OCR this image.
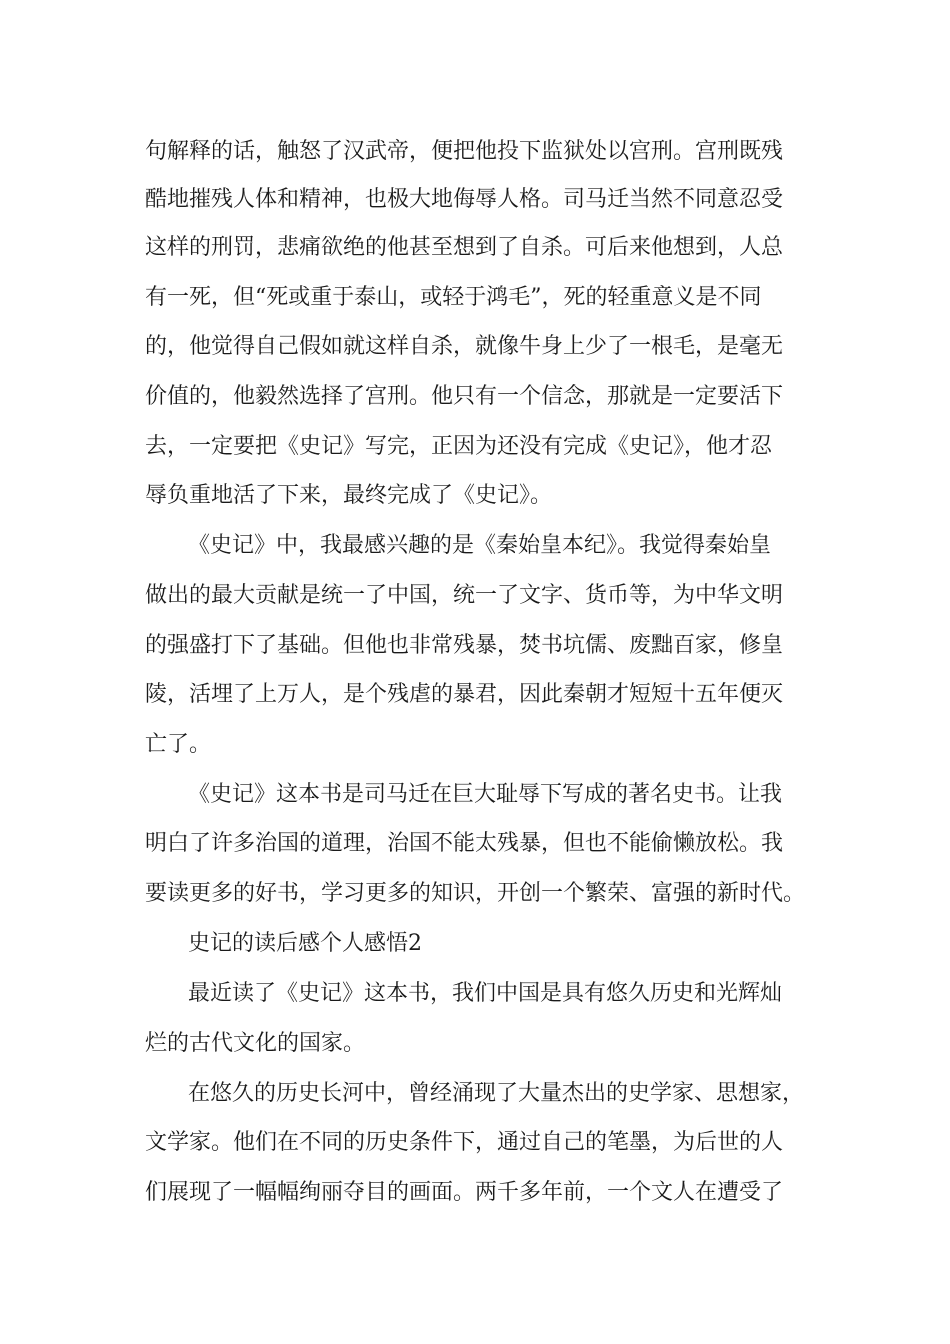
句解释的话，触怒了汉武帝，便把他投下监狱处以宫刑。宫刑既残
酷地摧残人体和精神，也极大地侮辱人格。司马迁当然不同意忍受
这样的刑罚，悲痛欲绝的他甚至想到了自杀。可后来他想到，人总
有一死，但“死或重于泰山，或轻于鸿毛”，死的轻重意义是不同
的，他觉得自己假如就这样自杀，就像牛身上少了一根毛，是毫无
价值的，他毅然选择了宫刑。他只有一个信念，那就是一定要活下
去，一定要把《史记》写完，正因为还没有完成《史记》，他才忍
辱负重地活了下来，最终完成了《史记》。
《史记》中，我最感兴趣的是《秦始皇本纪》。我觉得秦始皇
做出的最大贡献是统一了中国，统一了文字、货币等，为中华文明
的强盛打下了基础。但他也非常残暴，焚书坑儒、废黜百家，修皇
陵，活埋了上万人，是个残虐的暴君，因此秦朝才短短十五年便灭
亡了。
《史记》这本书是司马迁在巨大耻辱下写成的著名史书。让我
明白了许多治国的道理，治国不能太残暴，但也不能偷懒放松。我
要读更多的好书，学习更多的知识，开创一个繁荣、富强的新时代。
史记的读后感个人感悟2
最近读了《史记》这本书，我们中国是具有悠久历史和光辉灿
烂的古代文化的国家。
在悠久的历史长河中，曾经涌现了大量杰出的史学家、思想家，
文学家。他们在不同的历史条件下，通过自己的笔墨，为后世的人
们展现了一幅幅绚丽夺目的画面。两千多年前，一个文人在遭受了
